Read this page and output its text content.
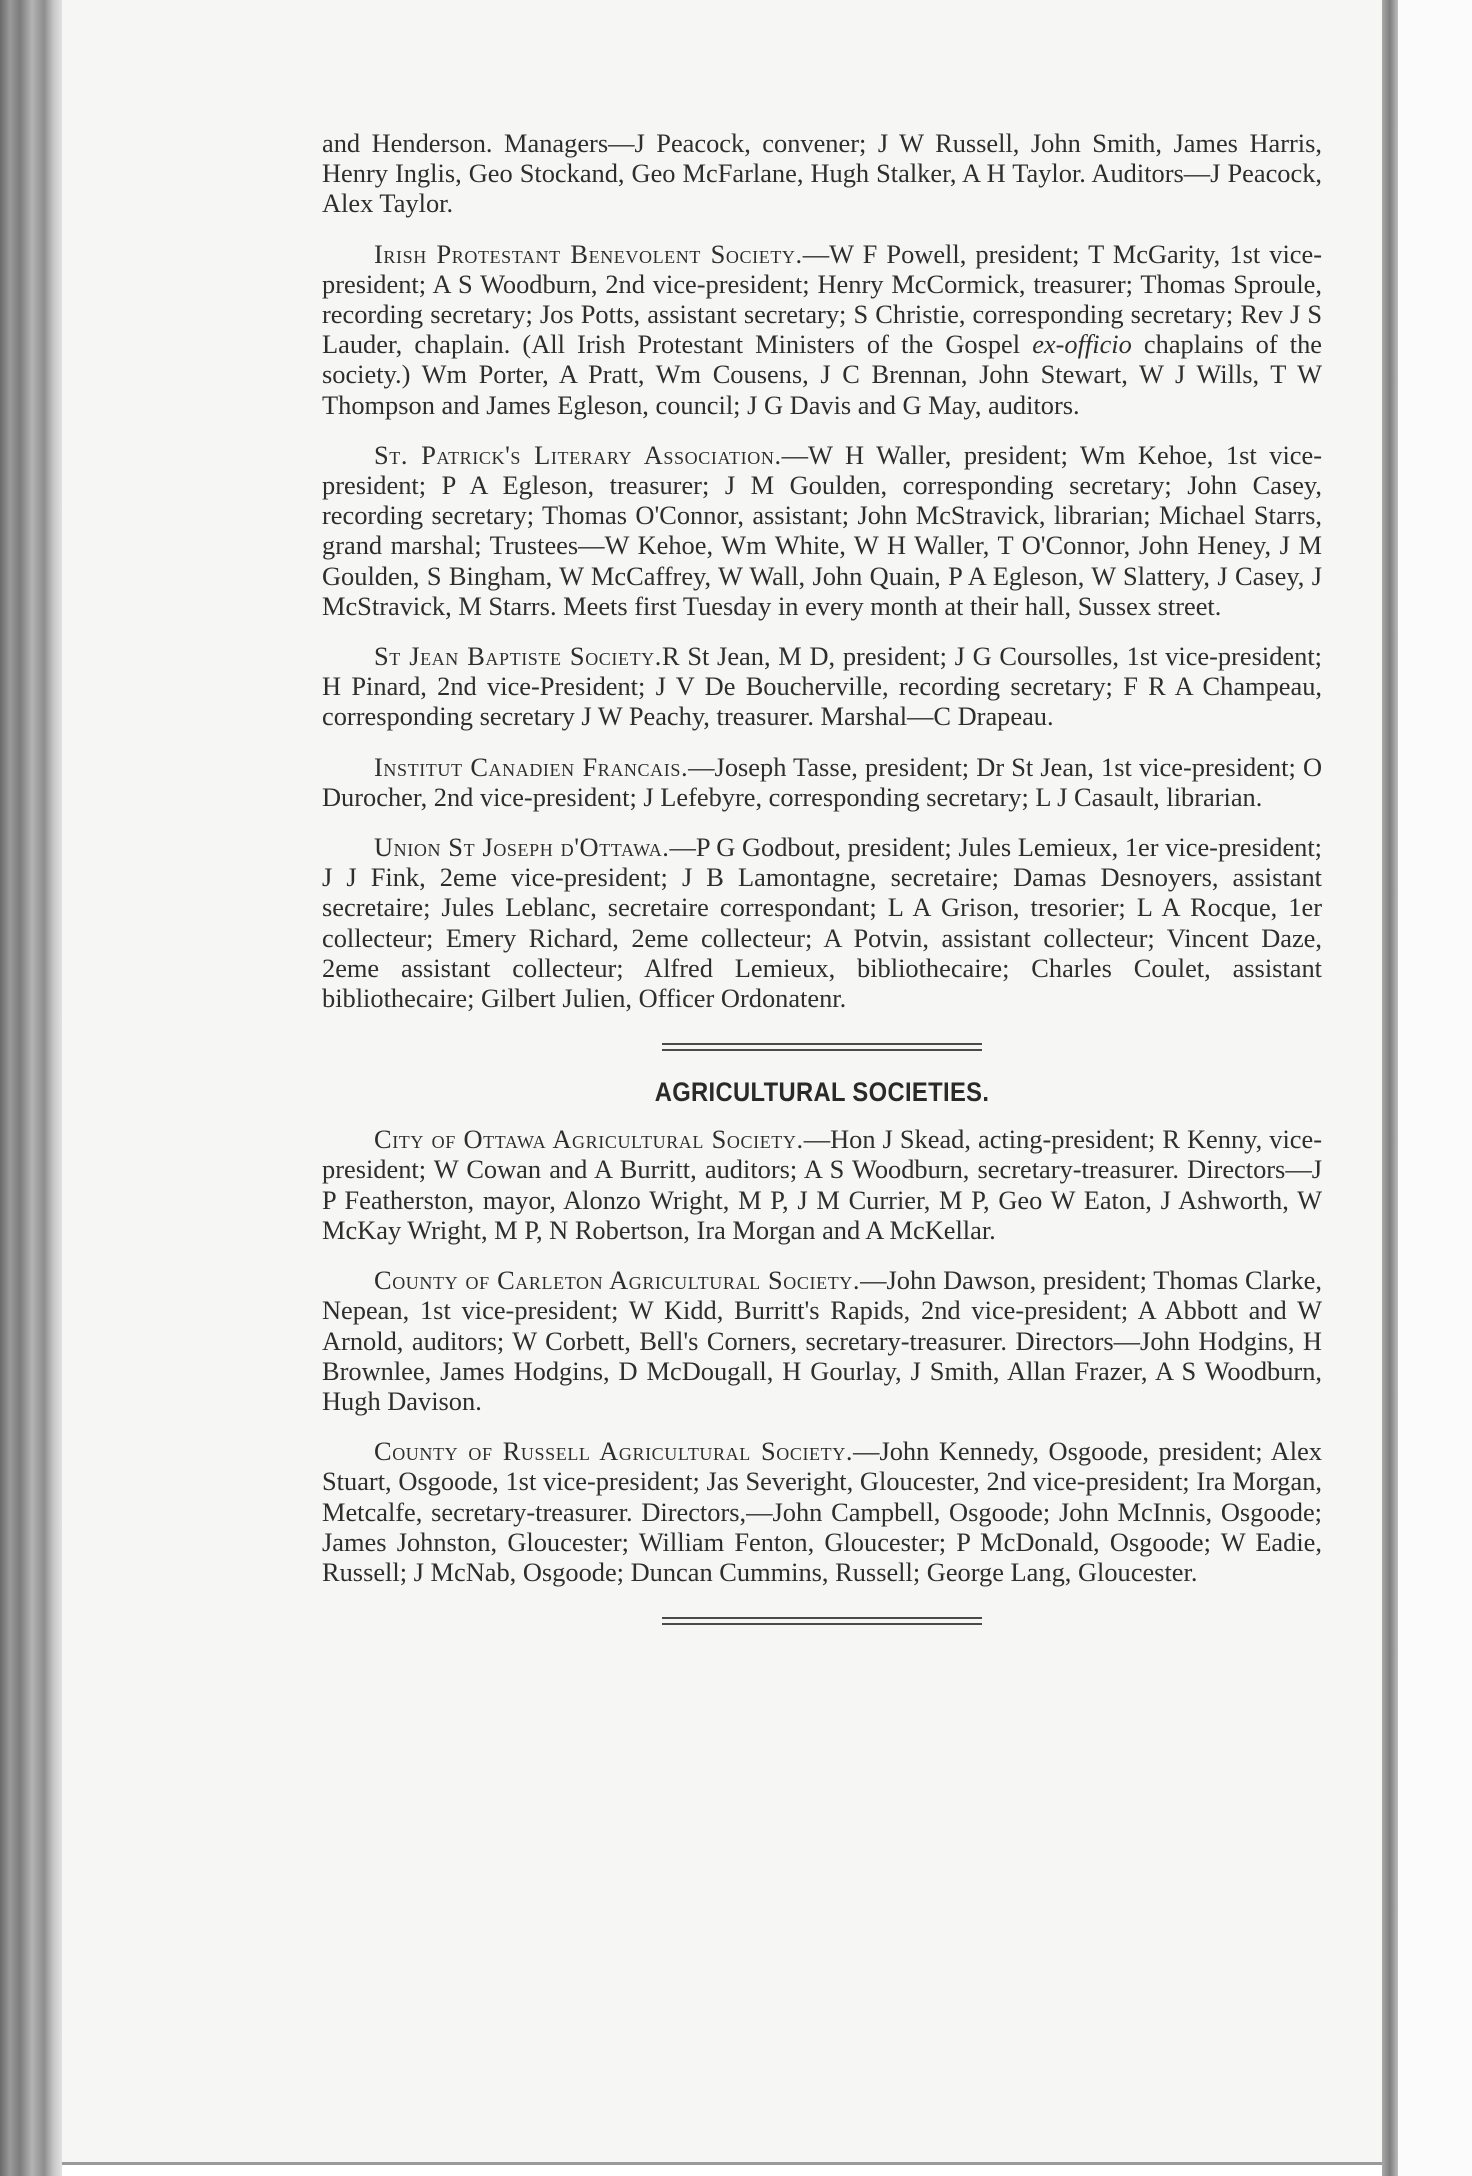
and Henderson. Managers—J Peacock, convener; J W Russell, John Smith, James Harris, Henry Inglis, Geo Stockand, Geo McFarlane, Hugh Stalker, A H Taylor. Auditors—J Peacock, Alex Taylor.

Irish Protestant Benevolent Society.—W F Powell, president; T McGarity, 1st vice-president; A S Woodburn, 2nd vice-president; Henry McCormick, treasurer; Thomas Sproule, recording secretary; Jos Potts, assistant secretary; S Christie, corresponding secretary; Rev J S Lauder, chaplain. (All Irish Protestant Ministers of the Gospel ex-officio chaplains of the society.) Wm Porter, A Pratt, Wm Cousens, J C Brennan, John Stewart, W J Wills, T W Thompson and James Egleson, council; J G Davis and G May, auditors.

St. Patrick's Literary Association.—W H Waller, president; Wm Kehoe, 1st vice-president; P A Egleson, treasurer; J M Goulden, corresponding secretary; John Casey, recording secretary; Thomas O'Connor, assistant; John McStravick, librarian; Michael Starrs, grand marshal; Trustees—W Kehoe, Wm White, W H Waller, T O'Connor, John Heney, J M Goulden, S Bingham, W McCaffrey, W Wall, John Quain, P A Egleson, W Slattery, J Casey, J McStravick, M Starrs. Meets first Tuesday in every month at their hall, Sussex street.

St Jean Baptiste Society.R St Jean, M D, president; J G Coursolles, 1st vice-president; H Pinard, 2nd vice-President; J V De Boucherville, recording secretary; F R A Champeau, corresponding secretary J W Peachy, treasurer. Marshal—C Drapeau.

Institut Canadien Francais.—Joseph Tasse, president; Dr St Jean, 1st vice-president; O Durocher, 2nd vice-president; J Lefebyre, corresponding secretary; L J Casault, librarian.

Union St Joseph d'Ottawa.—P G Godbout, president; Jules Lemieux, 1er vice-president; J J Fink, 2eme vice-president; J B Lamontagne, secretaire; Damas Desnoyers, assistant secretaire; Jules Leblanc, secretaire correspondant; L A Grison, tresorier; L A Rocque, 1er collecteur; Emery Richard, 2eme collecteur; A Potvin, assistant collecteur; Vincent Daze, 2eme assistant collecteur; Alfred Lemieux, bibliothecaire; Charles Coulet, assistant bibliothecaire; Gilbert Julien, Officer Ordonatenr.

AGRICULTURAL SOCIETIES.

City of Ottawa Agricultural Society.—Hon J Skead, acting-president; R Kenny, vice-president; W Cowan and A Burritt, auditors; A S Woodburn, secretary-treasurer. Directors—J P Featherston, mayor, Alonzo Wright, M P, J M Currier, M P, Geo W Eaton, J Ashworth, W McKay Wright, M P, N Robertson, Ira Morgan and A McKellar.

County of Carleton Agricultural Society.—John Dawson, president; Thomas Clarke, Nepean, 1st vice-president; W Kidd, Burritt's Rapids, 2nd vice-president; A Abbott and W Arnold, auditors; W Corbett, Bell's Corners, secretary-treasurer. Directors—John Hodgins, H Brownlee, James Hodgins, D McDougall, H Gourlay, J Smith, Allan Frazer, A S Woodburn, Hugh Davison.

County of Russell Agricultural Society.—John Kennedy, Osgoode, president; Alex Stuart, Osgoode, 1st vice-president; Jas Severight, Gloucester, 2nd vice-president; Ira Morgan, Metcalfe, secretary-treasurer. Directors,—John Campbell, Osgoode; John McInnis, Osgoode; James Johnston, Gloucester; William Fenton, Gloucester; P McDonald, Osgoode; W Eadie, Russell; J McNab, Osgoode; Duncan Cummins, Russell; George Lang, Gloucester.
